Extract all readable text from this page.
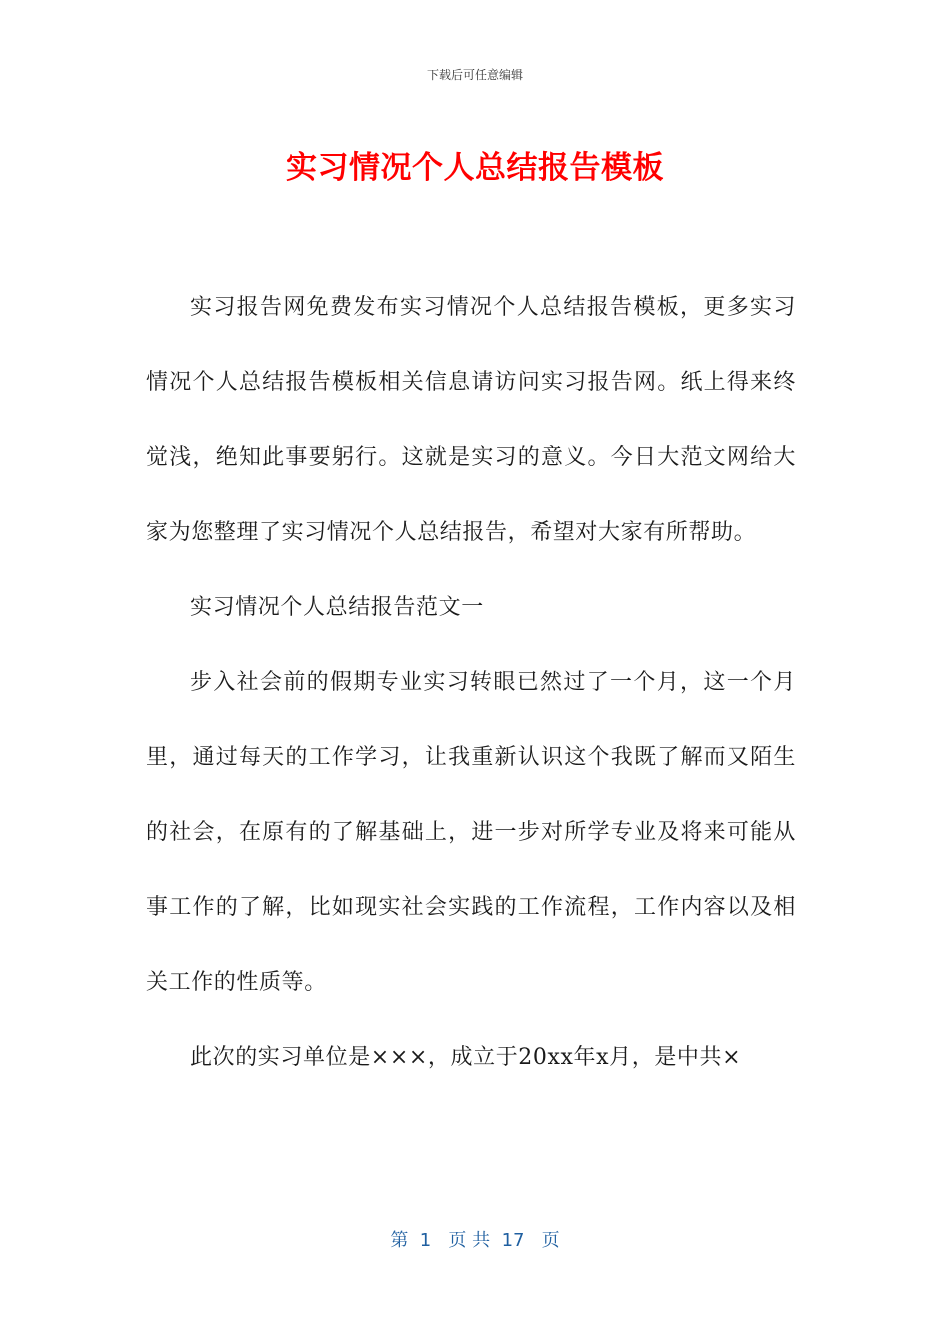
下载后可任意编辑
实习情况个人总结报告模板

实习报告网免费发布实习情况个人总结报告模板，更多实习情况个人总结报告模板相关信息请访问实习报告网。纸上得来终觉浅，绝知此事要躬行。这就是实习的意义。今日大范文网给大家为您整理了实习情况个人总结报告，希望对大家有所帮助。

实习情况个人总结报告范文一

步入社会前的假期专业实习转眼已然过了一个月，这一个月里，通过每天的工作学习，让我重新认识这个我既了解而又陌生的社会，在原有的了解基础上，进一步对所学专业及将来可能从事工作的了解，比如现实社会实践的工作流程，工作内容以及相关工作的性质等。

此次的实习单位是×××，成立于20xx年x月，是中共×

第  1   页 共  17   页
